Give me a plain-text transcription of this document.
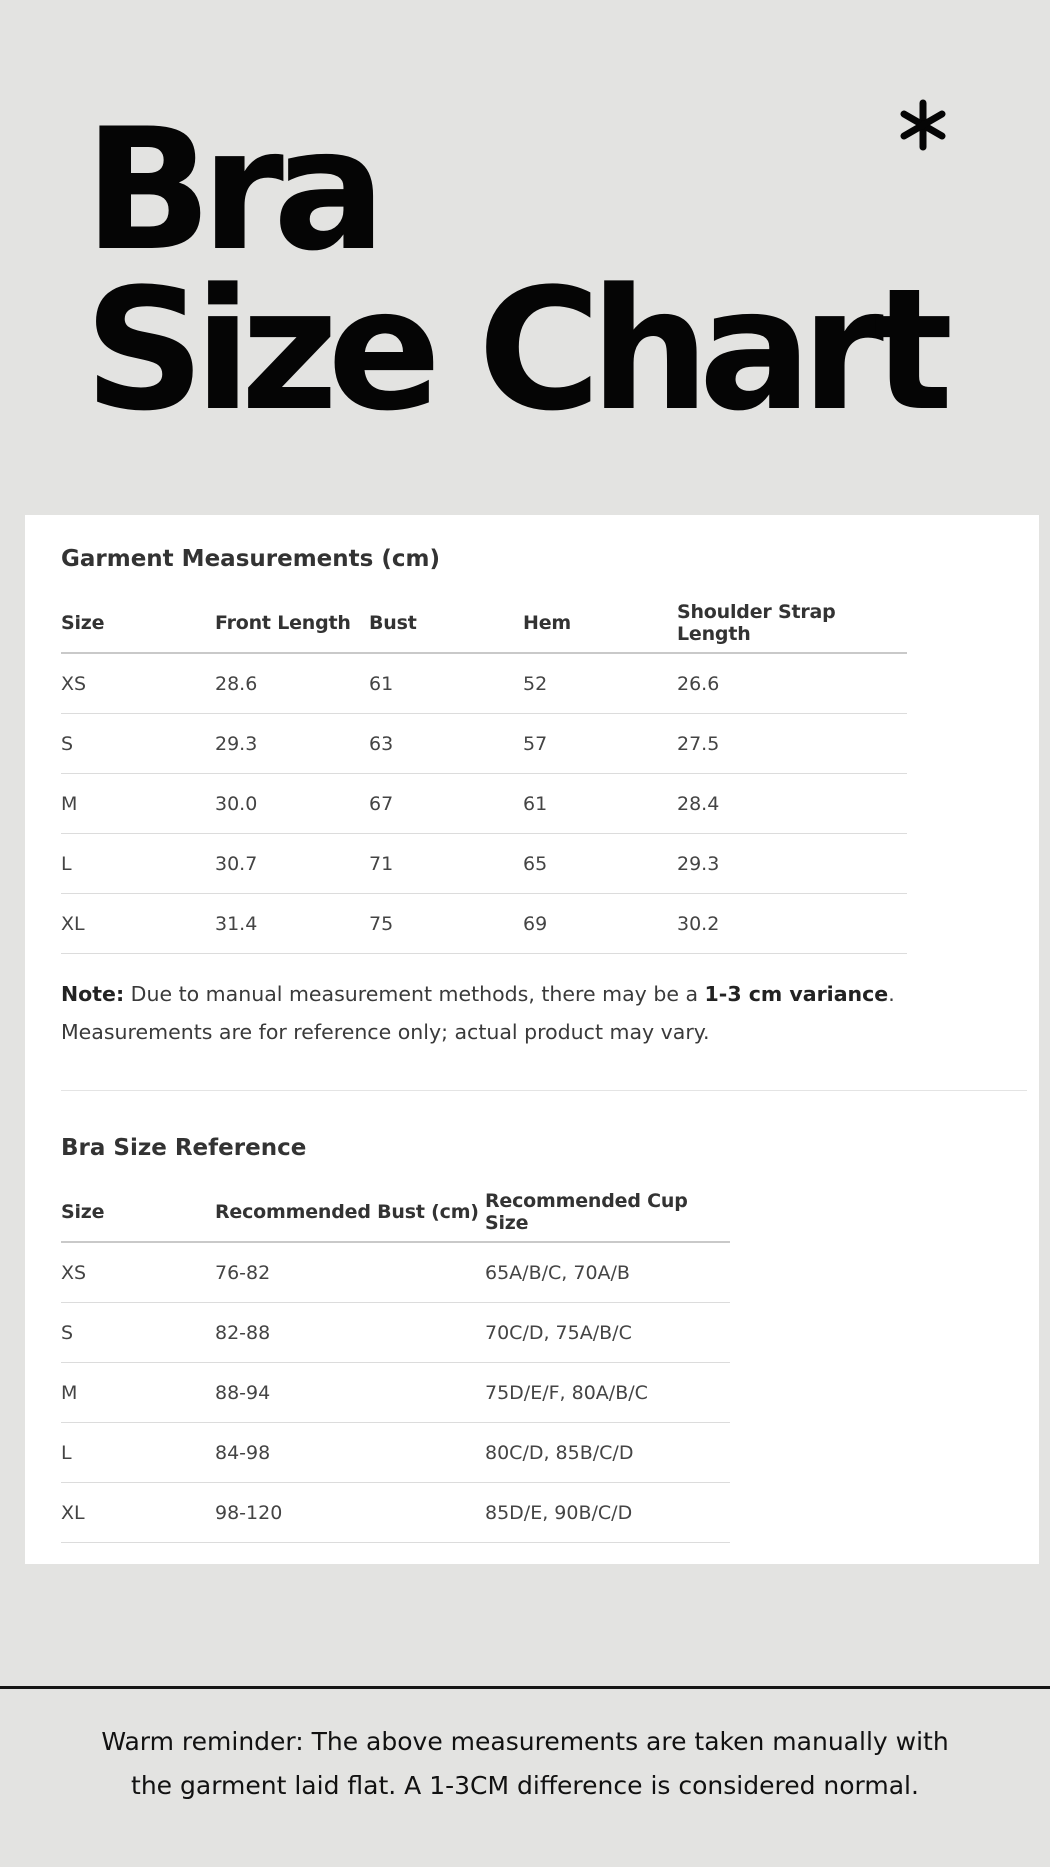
Bra
Size Chart
Garment Measurements (cm)
Size	Front Length	Bust	Hem	Shoulder Strap Length
XS	28.6	61	52	26.6
S	29.3	63	57	27.5
M	30.0	67	61	28.4
L	30.7	71	65	29.3
XL	31.4	75	69	30.2

Note: Due to manual measurement methods, there may be a 1-3 cm variance. Measurements are for reference only; actual product may vary.

Bra Size Reference
Size	Recommended Bust (cm)	Recommended Cup Size
XS	76-82	65A/B/C, 70A/B
S	82-88	70C/D, 75A/B/C
M	88-94	75D/E/F, 80A/B/C
L	84-98	80C/D, 85B/C/D
XL	98-120	85D/E, 90B/C/D

Warm reminder: The above measurements are taken manually with the garment laid flat. A 1-3CM difference is considered normal.
